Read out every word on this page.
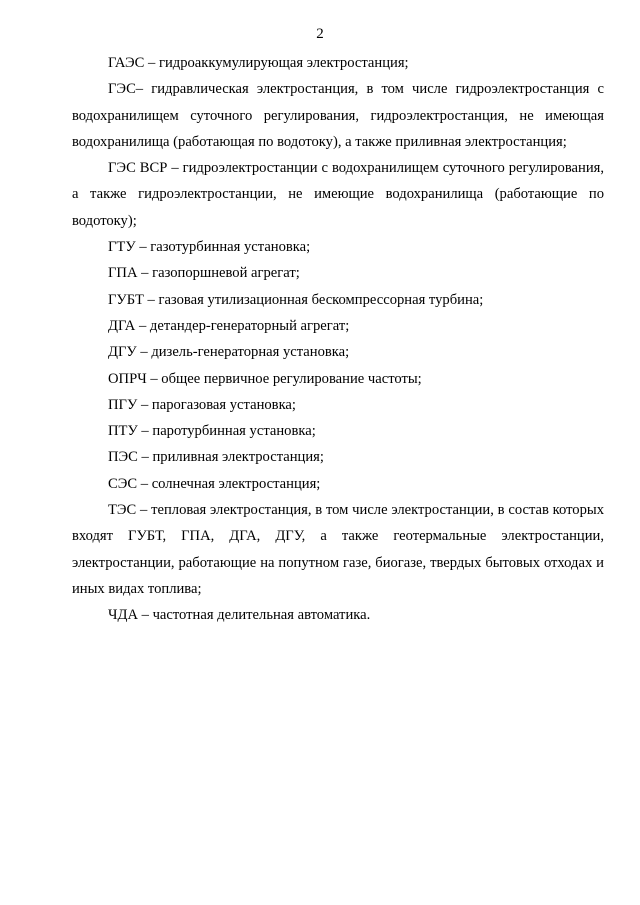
2

ГАЭС – гидроаккумулирующая электростанция;

ГЭС– гидравлическая электростанция, в том числе гидроэлектростанция с водохранилищем суточного регулирования, гидроэлектростанция, не имеющая водохранилища (работающая по водотоку), а также приливная электростанция;

ГЭС ВСР – гидроэлектростанции с водохранилищем суточного регулирования, а также гидроэлектростанции, не имеющие водохранилища (работающие по водотоку);

ГТУ – газотурбинная установка;

ГПА – газопоршневой агрегат;

ГУБТ – газовая утилизационная бескомпрессорная турбина;

ДГА – детандер-генераторный агрегат;

ДГУ – дизель-генераторная установка;

ОПРЧ – общее первичное регулирование частоты;

ПГУ – парогазовая установка;

ПТУ – паротурбинная установка;

ПЭС – приливная электростанция;

СЭС – солнечная электростанция;

ТЭС – тепловая электростанция, в том числе электростанции, в состав которых входят ГУБТ, ГПА, ДГА, ДГУ, а также геотермальные электростанции, электростанции, работающие на попутном газе, биогазе, твердых бытовых отходах и иных видах топлива;

ЧДА – частотная делительная автоматика.
